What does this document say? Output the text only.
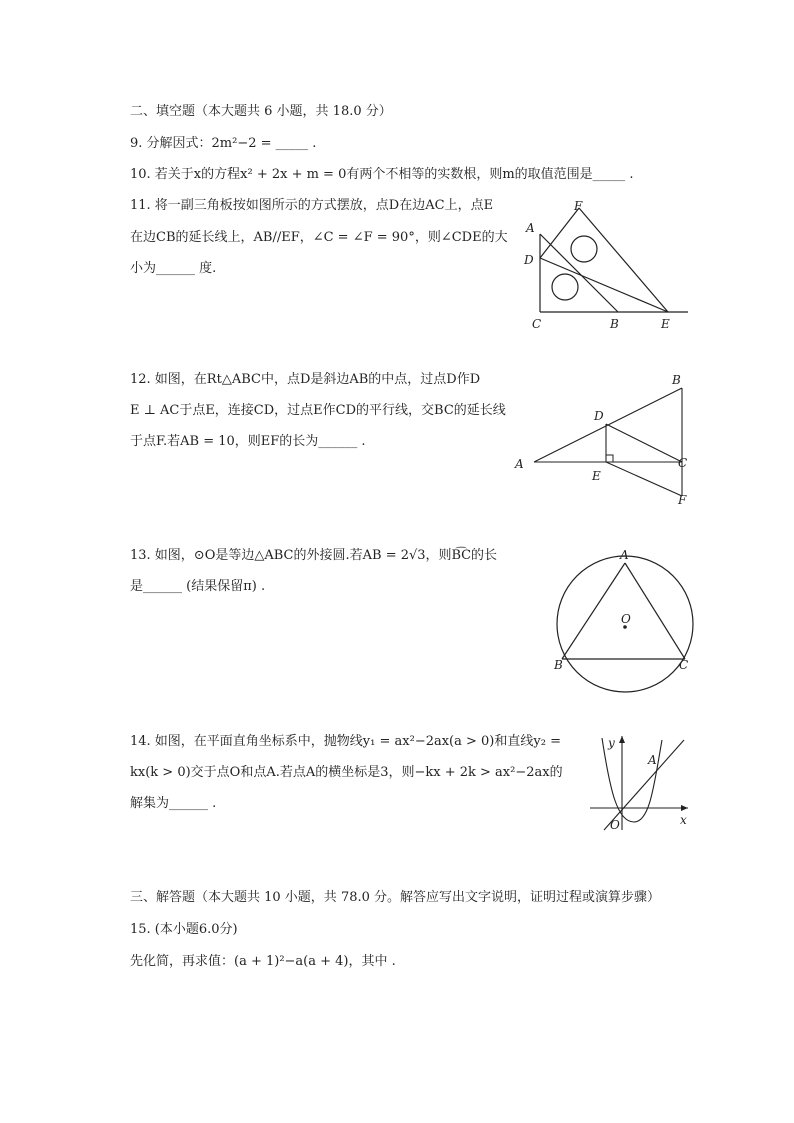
二、填空题（本大题共 6 小题，共 18.0 分）
9. 分解因式：2m²−2 = _____ .
10. 若关于x的方程x² + 2x + m = 0有两个不相等的实数根，则m的取值范围是_____ .
11. 将一副三角板按如图所示的方式摆放，点D在边AC上，点E
在边CB的延长线上，AB//EF，∠C = ∠F = 90°，则∠CDE的大
小为______ 度.
A
F
D
C	B	E
12. 如图，在Rt△ABC中，点D是斜边AB的中点，过点D作D
E ⊥ AC于点E，连接CD，过点E作CD的平行线，交BC的延长线
于点F.若AB = 10，则EF的长为______ .
A
B
C
D
E
F
13. 如图，⊙O是等边△ABC的外接圆.若AB = 2√3，则B͡C的长
是______ (结果保留π) .
A
B	C
O
14. 如图，在平面直角坐标系中，抛物线y₁ = ax²−2ax(a > 0)和直线y₂ =
kx(k > 0)交于点O和点A.若点A的横坐标是3，则−kx + 2k > ax²−2ax的
解集为______ .
y
x
A
O
三、解答题（本大题共 10 小题，共 78.0 分。解答应写出文字说明，证明过程或演算步骤）
15. (本小题6.0分)
先化简，再求值：(a + 1)²−a(a + 4)，其中 .
